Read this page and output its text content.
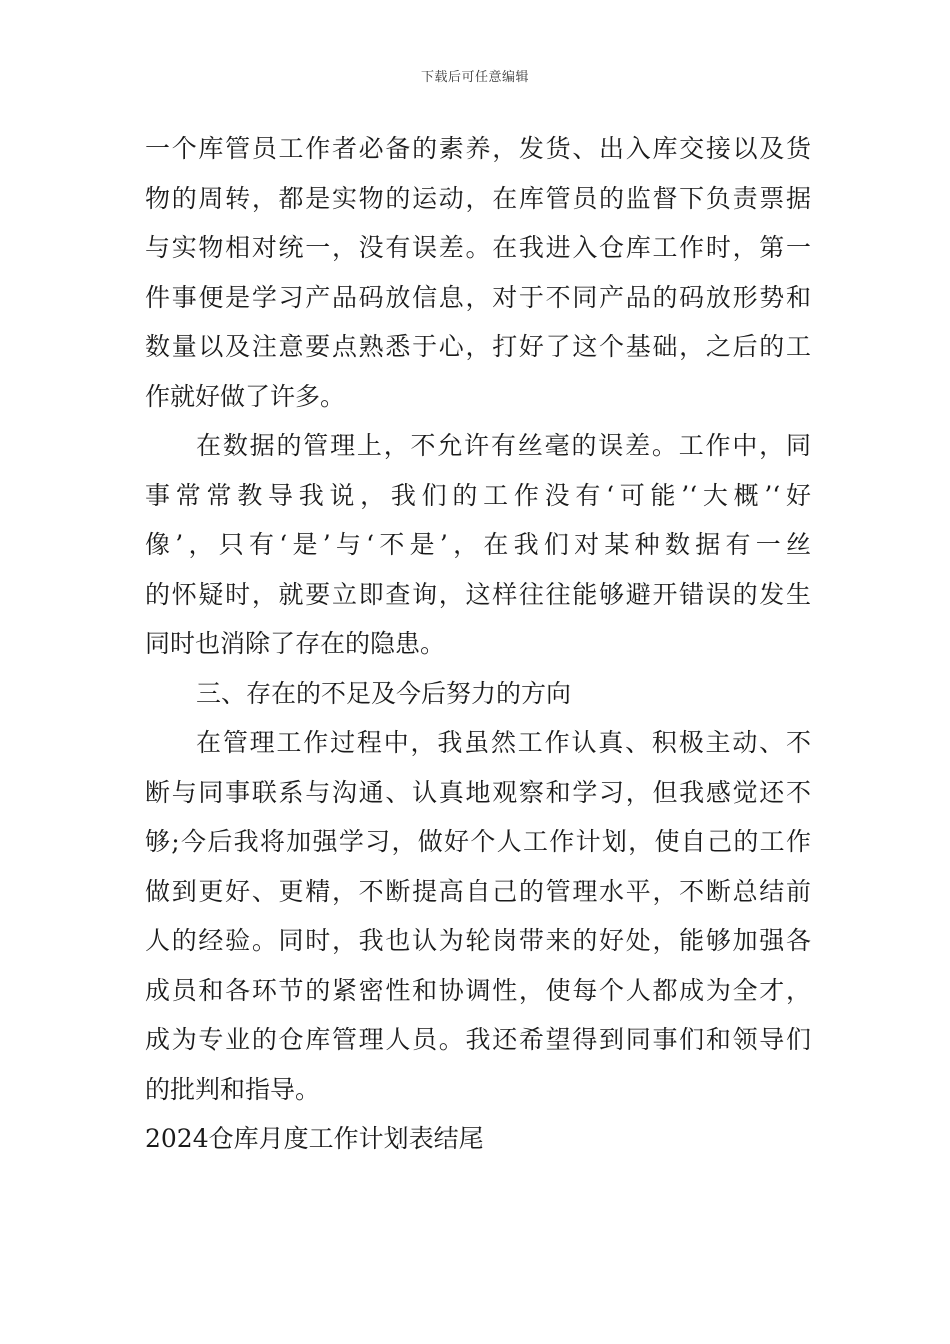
下载后可任意编辑
一个库管员工作者必备的素养，发货、出入库交接以及货
物的周转，都是实物的运动，在库管员的监督下负责票据
与实物相对统一，没有误差。在我进入仓库工作时，第一
件事便是学习产品码放信息，对于不同产品的码放形势和
数量以及注意要点熟悉于心，打好了这个基础，之后的工
作就好做了许多。
在数据的管理上，不允许有丝毫的误差。工作中，同
事常常教导我说，我们的工作没有‘可能’‘大概’‘好
像’，只有‘是’与‘不是’，在我们对某种数据有一丝
的怀疑时，就要立即查询，这样往往能够避开错误的发生
同时也消除了存在的隐患。
三、存在的不足及今后努力的方向
在管理工作过程中，我虽然工作认真、积极主动、不
断与同事联系与沟通、认真地观察和学习，但我感觉还不
够;今后我将加强学习，做好个人工作计划，使自己的工作
做到更好、更精，不断提高自己的管理水平，不断总结前
人的经验。同时，我也认为轮岗带来的好处，能够加强各
成员和各环节的紧密性和协调性，使每个人都成为全才，
成为专业的仓库管理人员。我还希望得到同事们和领导们
的批判和指导。
2024仓库月度工作计划表结尾
